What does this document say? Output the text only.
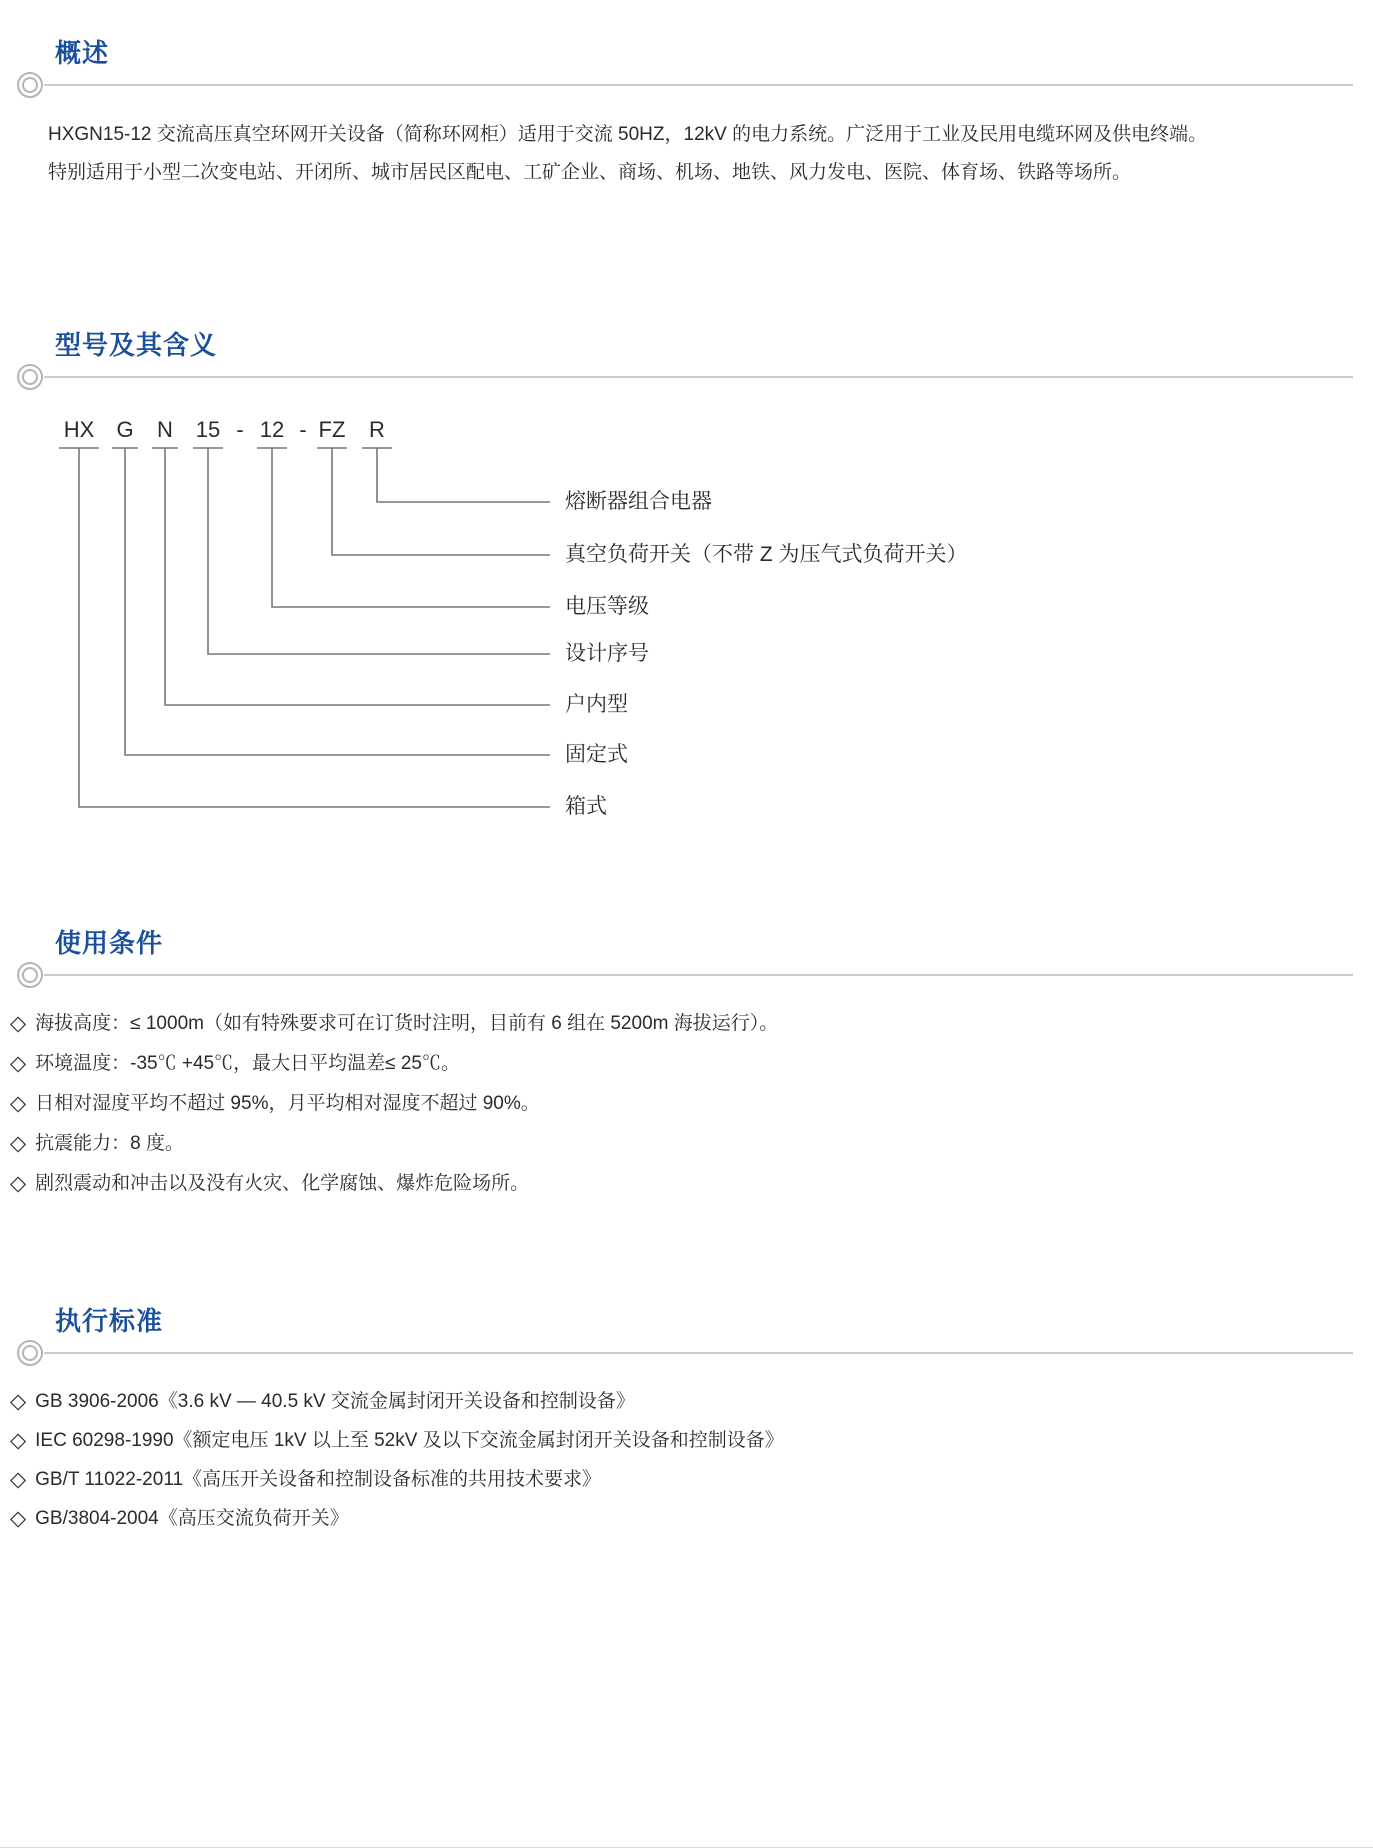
概述

HXGN15-12 交流高压真空环网开关设备（简称环网柜）适用于交流 50HZ，12kV 的电力系统。广泛用于工业及民用电缆环网及供电终端。

特别适用于小型二次变电站、开闭所、城市居民区配电、工矿企业、商场、机场、地铁、风力发电、医院、体育场、铁路等场所。

型号及其含义
HX	G	N	15 - 12 - FZ	R
熔断器组合电器
真空负荷开关（不带 Z 为压气式负荷开关）
电压等级
设计序号
户内型
固定式
箱式
使用条件
◇ 海拔高度：≤ 1000m（如有特殊要求可在订货时注明，目前有 6 组在 5200m 海拔运行）。
◇ 环境温度：-35℃ +45℃，最大日平均温差≤ 25℃。
◇ 日相对湿度平均不超过 95%，月平均相对湿度不超过 90%。
◇ 抗震能力：8 度。
◇ 剧烈震动和冲击以及没有火灾、化学腐蚀、爆炸危险场所。
执行标准
◇ GB 3906-2006《3.6 kV — 40.5 kV 交流金属封闭开关设备和控制设备》
◇ IEC 60298-1990《额定电压 1kV 以上至 52kV 及以下交流金属封闭开关设备和控制设备》
◇ GB/T 11022-2011《高压开关设备和控制设备标准的共用技术要求》
◇ GB/3804-2004《高压交流负荷开关》
